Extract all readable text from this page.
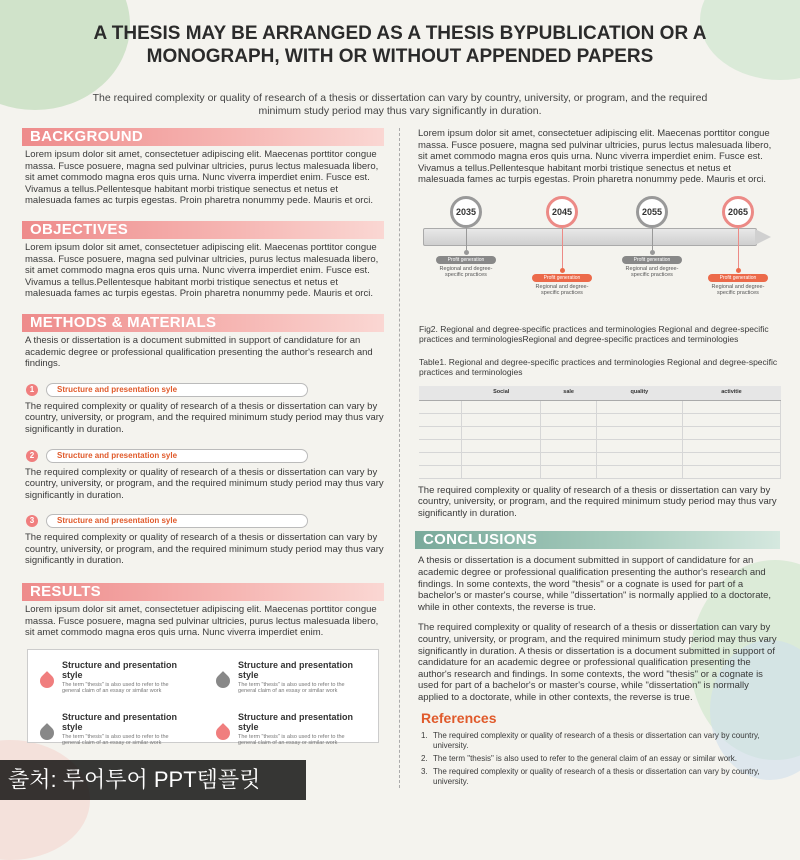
A THESIS MAY BE ARRANGED AS A THESIS BYPUBLICATION OR A MONOGRAPH, WITH OR WITHOUT APPENDED PAPERS

The required complexity or quality of research of a thesis or dissertation can vary by country, university, or program, and the required minimum study period may thus vary significantly in duration.

BACKGROUND

Lorem ipsum dolor sit amet, consectetuer adipiscing elit. Maecenas porttitor congue massa. Fusce posuere, magna sed pulvinar ultricies, purus lectus malesuada libero, sit amet commodo magna eros quis urna. Nunc viverra imperdiet enim. Fusce est. Vivamus a tellus.Pellentesque habitant morbi tristique senectus et netus et malesuada fames ac turpis egestas. Proin pharetra nonummy pede. Mauris et orci.

OBJECTIVES

Lorem ipsum dolor sit amet, consectetuer adipiscing elit. Maecenas porttitor congue massa. Fusce posuere, magna sed pulvinar ultricies, purus lectus malesuada libero, sit amet commodo magna eros quis urna. Nunc viverra imperdiet enim. Fusce est. Vivamus a tellus.Pellentesque habitant morbi tristique senectus et netus et malesuada fames ac turpis egestas. Proin pharetra nonummy pede. Mauris et orci.

METHODS & MATERIALS

A thesis or dissertation is a document submitted in support of candidature for an academic degree or professional qualification presenting the author's research and findings.

1	Structure and presentation syle

The required complexity or quality of research of a thesis or dissertation can vary by country, university, or program, and the required minimum study period may thus vary significantly in duration.

2	Structure and presentation syle

The required complexity or quality of research of a thesis or dissertation can vary by country, university, or program, and the required minimum study period may thus vary significantly in duration.

3	Structure and presentation syle

The required complexity or quality of research of a thesis or dissertation can vary by country, university, or program, and the required minimum study period may thus vary significantly in duration.

RESULTS

Lorem ipsum dolor sit amet, consectetuer adipiscing elit. Maecenas porttitor congue massa. Fusce posuere, magna sed pulvinar ultricies, purus lectus malesuada libero, sit amet commodo magna eros quis urna. Nunc viverra imperdiet enim.

Structure and presentation style
The term "thesis" is also used to refer to the general claim of an essay or similar work
Structure and presentation style
The term "thesis" is also used to refer to the general claim of an essay or similar work
Structure and presentation style
The term "thesis" is also used to refer to the general claim of an essay or similar work
Structure and presentation style
The term "thesis" is also used to refer to the general claim of an essay or similar work

Lorem ipsum dolor sit amet, consectetuer adipiscing elit. Maecenas porttitor congue massa. Fusce posuere, magna sed pulvinar ultricies, purus lectus malesuada libero, sit amet commodo magna eros quis urna. Nunc viverra imperdiet enim. Fusce est. Vivamus a tellus.Pellentesque habitant morbi tristique senectus et netus et malesuada fames ac turpis egestas. Proin pharetra nonummy pede. Mauris et orci.

2035
Profit generation
Regional and degree-specific practices
2045
Profit generation
Regional and degree-specific practices
2055
Profit generation
Regional and degree-specific practices
2065
Profit generation
Regional and degree-specific practices

Fig2. Regional and degree-specific practices and terminologies Regional and degree-specific practices and terminologiesRegional and degree-specific practices and terminologies

Table1. Regional and degree-specific practices and terminologies Regional and degree-specific practices and terminologies

	Social	sale	quality	activitie

The required complexity or quality of research of a thesis or dissertation can vary by country, university, or program, and the required minimum study period may thus vary significantly in duration.

CONCLUSIONS

A thesis or dissertation is a document submitted in support of candidature for an academic degree or professional qualification presenting the author's research and findings. In some contexts, the word "thesis" or a cognate is used for part of a bachelor's or master's course, while "dissertation" is normally applied to a doctorate, while in other contexts, the reverse is true.

The required complexity or quality of research of a thesis or dissertation can vary by country, university, or program, and the required minimum study period may thus vary significantly in duration. A thesis or dissertation is a document submitted in support of candidature for an academic degree or professional qualification presenting the author's research and findings. In some contexts, the word "thesis" or a cognate is used for part of a bachelor's or master's course, while "dissertation" is normally applied to a doctorate, while in other contexts, the reverse is true.

References
1. The required complexity or quality of research of a thesis or dissertation can vary by country, university.
2. The term "thesis" is also used to refer to the general claim of an essay or similar work.
3. The required complexity or quality of research of a thesis or dissertation can vary by country, university.
출처: 루어투어 PPT템플릿
